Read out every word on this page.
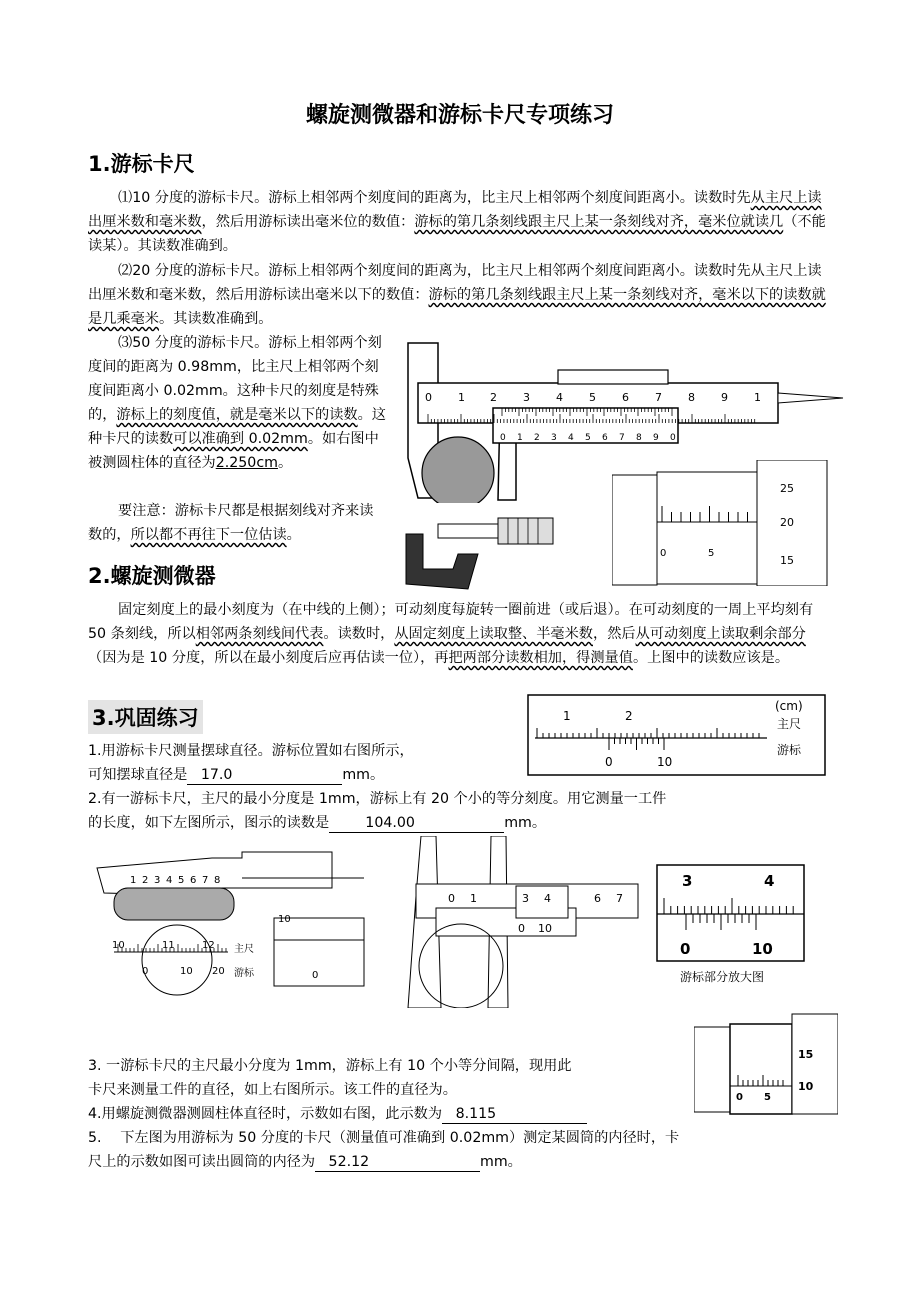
螺旋测微器和游标卡尺专项练习
1.游标卡尺
⑴10 分度的游标卡尺。游标上相邻两个刻度间的距离为，比主尺上相邻两个刻度间距离小。读数时先从主尺上读出厘米数和毫米数，然后用游标读出毫米位的数值：游标的第几条刻线跟主尺上某一条刻线对齐，毫米位就读几（不能读某）。其读数准确到。
⑵20 分度的游标卡尺。游标上相邻两个刻度间的距离为，比主尺上相邻两个刻度间距离小。读数时先从主尺上读出厘米数和毫米数，然后用游标读出毫米以下的数值：游标的第几条刻线跟主尺上某一条刻线对齐，毫米以下的读数就是几乘毫米。其读数准确到。
⑶50 分度的游标卡尺。游标上相邻两个刻度间的距离为 0.98mm，比主尺上相邻两个刻度间距离小 0.02mm。这种卡尺的刻度是特殊的，游标上的刻度值，就是毫米以下的读数。这种卡尺的读数可以准确到 0.02mm。如右图中被测圆柱体的直径为2.250cm。
要注意：游标卡尺都是根据刻线对齐来读数的，所以都不再往下一位估读。
0 1 2 3 4 5 6 7 8 9 1
0 1 2 3 4 5 6 7 8 9 0
25
20
15
0	5
2.螺旋测微器
固定刻度上的最小刻度为（在中线的上侧）；可动刻度每旋转一圈前进（或后退）。在可动刻度的一周上平均刻有 50 条刻线，所以相邻两条刻线间代表。读数时，从固定刻度上读取整、半毫米数，然后从可动刻度上读取剩余部分（因为是 10 分度，所以在最小刻度后应再估读一位），再把两部分读数相加，得测量值。上图中的读数应该是。
3.巩固练习	(cm)
主尺
游标
1	2
0	10
1.用游标卡尺测量摆球直径。游标位置如右图所示，
可知摆球直径是 17.0	mm。
2.有一游标卡尺，主尺的最小分度是 1mm，游标上有 20 个小的等分刻度。用它测量一工件
的长度，如下左图所示，图示的读数是	104.00	mm。
1 2 3 4 5 6 7 8
10	11	12
0	10 20
主尺
游标
10
0
0 1	3 4	6 7
0 10
3	4
0	10
游标部分放大图
15
10
0 5
3. 一游标卡尺的主尺最小分度为 1mm，游标上有 10 个小等分间隔，现用此
卡尺来测量工件的直径，如上右图所示。该工件的直径为。
4.用螺旋测微器测圆柱体直径时，示数如右图，此示数为 8.115
5.　 下左图为用游标为 50 分度的卡尺（测量值可准确到 0.02mm）测定某圆筒的内径时，卡
尺上的示数如图可读出圆筒的内径为 52.12	mm。
